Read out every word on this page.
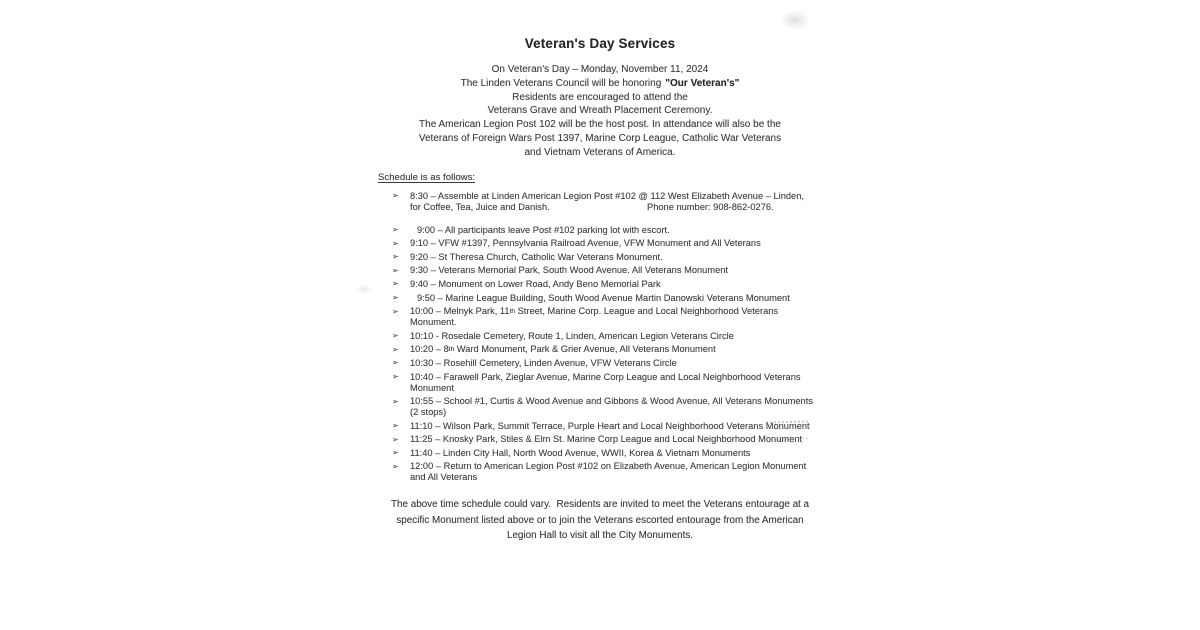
Veteran's Day Services
On Veteran's Day – Monday, November 11, 2024
The Linden Veterans Council will be honoring "Our Veteran's"
Residents are encouraged to attend the
Veterans Grave and Wreath Placement Ceremony.
The American Legion Post 102 will be the host post. In attendance will also be the
Veterans of Foreign Wars Post 1397, Marine Corp League, Catholic War Veterans
and Vietnam Veterans of America.
Schedule is as follows:
➢ 8:30 – Assemble at Linden American Legion Post #102 @ 112 West Elizabeth Avenue – Linden,
for Coffee, Tea, Juice and Danish.	Phone number: 908-862-0276.
➢	9:00 – All participants leave Post #102 parking lot with escort.
➢ 9:10 – VFW #1397, Pennsylvania Railroad Avenue, VFW Monument and All Veterans
➢ 9:20 – St Theresa Church, Catholic War Veterans Monument.
➢ 9:30 – Veterans Memorial Park, South Wood Avenue. All Veterans Monument
➢ 9:40 – Monument on Lower Road, Andy Beno Memorial Park
➢	9:50 – Marine League Building, South Wood Avenue Martin Danowski Veterans Monument
➢ 10:00 – Melnyk Park, 11th Street, Marine Corp. League and Local Neighborhood Veterans
Monument.
➢ 10:10 - Rosedale Cemetery, Route 1, Linden, American Legion Veterans Circle
➢ 10:20 – 8th Ward Monument, Park & Grier Avenue, All Veterans Monument
➢ 10:30 – Rosehill Cemetery, Linden Avenue, VFW Veterans Circle
➢ 10:40 – Farawell Park, Zieglar Avenue, Marine Corp League and Local Neighborhood Veterans
Monument
➢ 10:55 – School #1, Curtis & Wood Avenue and Gibbons & Wood Avenue, All Veterans Monuments
(2 stops)
➢ 11:10 – Wilson Park, Summit Terrace, Purple Heart and Local Neighborhood Veterans Monument
➢ 11:25 – Knosky Park, Stiles & Elm St. Marine Corp League and Local Neighborhood Monument
➢ 11:40 – Linden City Hall, North Wood Avenue, WWII, Korea & Vietnam Monuments
➢ 12:00 – Return to American Legion Post #102 on Elizabeth Avenue, American Legion Monument
and All Veterans
The above time schedule could vary.  Residents are invited to meet the Veterans entourage at a
specific Monument listed above or to join the Veterans escorted entourage from the American
Legion Hall to visit all the City Monuments.
